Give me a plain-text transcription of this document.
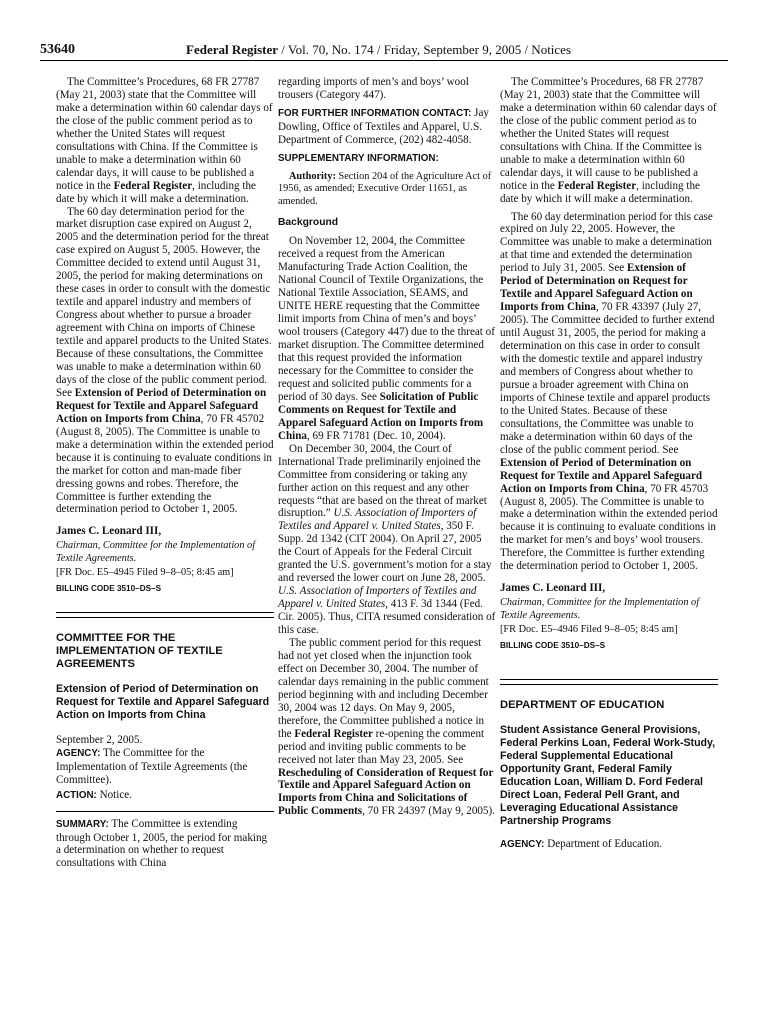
53640	Federal Register / Vol. 70, No. 174 / Friday, September 9, 2005 / Notices

The Committee’s Procedures, 68 FR 27787 (May 21, 2003) state that the Committee will make a determination within 60 calendar days of the close of the public comment period as to whether the United States will request consultations with China. If the Committee is unable to make a determination within 60 calendar days, it will cause to be published a notice in the Federal Register, including the date by which it will make a determination.

The 60 day determination period for the market disruption case expired on August 2, 2005 and the determination period for the threat case expired on August 5, 2005. However, the Committee decided to extend until August 31, 2005, the period for making determinations on these cases in order to consult with the domestic textile and apparel industry and members of Congress about whether to pursue a broader agreement with China on imports of Chinese textile and apparel products to the United States. Because of these consultations, the Committee was unable to make a determination within 60 days of the close of the public comment period. See Extension of Period of Determination on Request for Textile and Apparel Safeguard Action on Imports from China, 70 FR 45702 (August 8, 2005). The Committee is unable to make a determination within the extended period because it is continuing to evaluate conditions in the market for cotton and man-made fiber dressing gowns and robes. Therefore, the Committee is further extending the determination period to October 1, 2005.

James C. Leonard III,

Chairman, Committee for the Implementation of Textile Agreements.

[FR Doc. E5–4945 Filed 9–8–05; 8:45 am]

BILLING CODE 3510–DS–S

COMMITTEE FOR THE IMPLEMENTATION OF TEXTILE AGREEMENTS

Extension of Period of Determination on Request for Textile and Apparel Safeguard Action on Imports from China

September 2, 2005.

AGENCY: The Committee for the Implementation of Textile Agreements (the Committee).

ACTION: Notice.

SUMMARY: The Committee is extending through October 1, 2005, the period for making a determination on whether to request consultations with China

regarding imports of men’s and boys’ wool trousers (Category 447).

FOR FURTHER INFORMATION CONTACT: Jay Dowling, Office of Textiles and Apparel, U.S. Department of Commerce, (202) 482-4058.

SUPPLEMENTARY INFORMATION:

Authority: Section 204 of the Agriculture Act of 1956, as amended; Executive Order 11651, as amended.

Background

On November 12, 2004, the Committee received a request from the American Manufacturing Trade Action Coalition, the National Council of Textile Organizations, the National Textile Association, SEAMS, and UNITE HERE requesting that the Committee limit imports from China of men’s and boys’ wool trousers (Category 447) due to the threat of market disruption. The Committee determined that this request provided the information necessary for the Committee to consider the request and solicited public comments for a period of 30 days. See Solicitation of Public Comments on Request for Textile and Apparel Safeguard Action on Imports from China, 69 FR 71781 (Dec. 10, 2004).

On December 30, 2004, the Court of International Trade preliminarily enjoined the Committee from considering or taking any further action on this request and any other requests “that are based on the threat of market disruption.” U.S. Association of Importers of Textiles and Apparel v. United States, 350 F. Supp. 2d 1342 (CIT 2004). On April 27, 2005 the Court of Appeals for the Federal Circuit granted the U.S. government’s motion for a stay and reversed the lower court on June 28, 2005. U.S. Association of Importers of Textiles and Apparel v. United States, 413 F. 3d 1344 (Fed. Cir. 2005). Thus, CITA resumed consideration of this case.

The public comment period for this request had not yet closed when the injunction took effect on December 30, 2004. The number of calendar days remaining in the public comment period beginning with and including December 30, 2004 was 12 days. On May 9, 2005, therefore, the Committee published a notice in the Federal Register re-opening the comment period and inviting public comments to be received not later than May 23, 2005. See Rescheduling of Consideration of Request for Textile and Apparel Safeguard Action on Imports from China and Solicitations of Public Comments, 70 FR 24397 (May 9, 2005).

The Committee’s Procedures, 68 FR 27787 (May 21, 2003) state that the Committee will make a determination within 60 calendar days of the close of the public comment period as to whether the United States will request consultations with China. If the Committee is unable to make a determination within 60 calendar days, it will cause to be published a notice in the Federal Register, including the date by which it will make a determination.

The 60 day determination period for this case expired on July 22, 2005. However, the Committee was unable to make a determination at that time and extended the determination period to July 31, 2005. See Extension of Period of Determination on Request for Textile and Apparel Safeguard Action on Imports from China, 70 FR 43397 (July 27, 2005). The Committee decided to further extend until August 31, 2005, the period for making a determination on this case in order to consult with the domestic textile and apparel industry and members of Congress about whether to pursue a broader agreement with China on imports of Chinese textile and apparel products to the United States. Because of these consultations, the Committee was unable to make a determination within 60 days of the close of the public comment period. See Extension of Period of Determination on Request for Textile and Apparel Safeguard Action on Imports from China, 70 FR 45703 (August 8, 2005). The Committee is unable to make a determination within the extended period because it is continuing to evaluate conditions in the market for men’s and boys’ wool trousers. Therefore, the Committee is further extending the determination period to October 1, 2005.

James C. Leonard III,

Chairman, Committee for the Implementation of Textile Agreements.

[FR Doc. E5–4946 Filed 9–8–05; 8:45 am]

BILLING CODE 3510–DS–S

DEPARTMENT OF EDUCATION

Student Assistance General Provisions, Federal Perkins Loan, Federal Work-Study, Federal Supplemental Educational Opportunity Grant, Federal Family Education Loan, William D. Ford Federal Direct Loan, Federal Pell Grant, and Leveraging Educational Assistance Partnership Programs

AGENCY: Department of Education.
